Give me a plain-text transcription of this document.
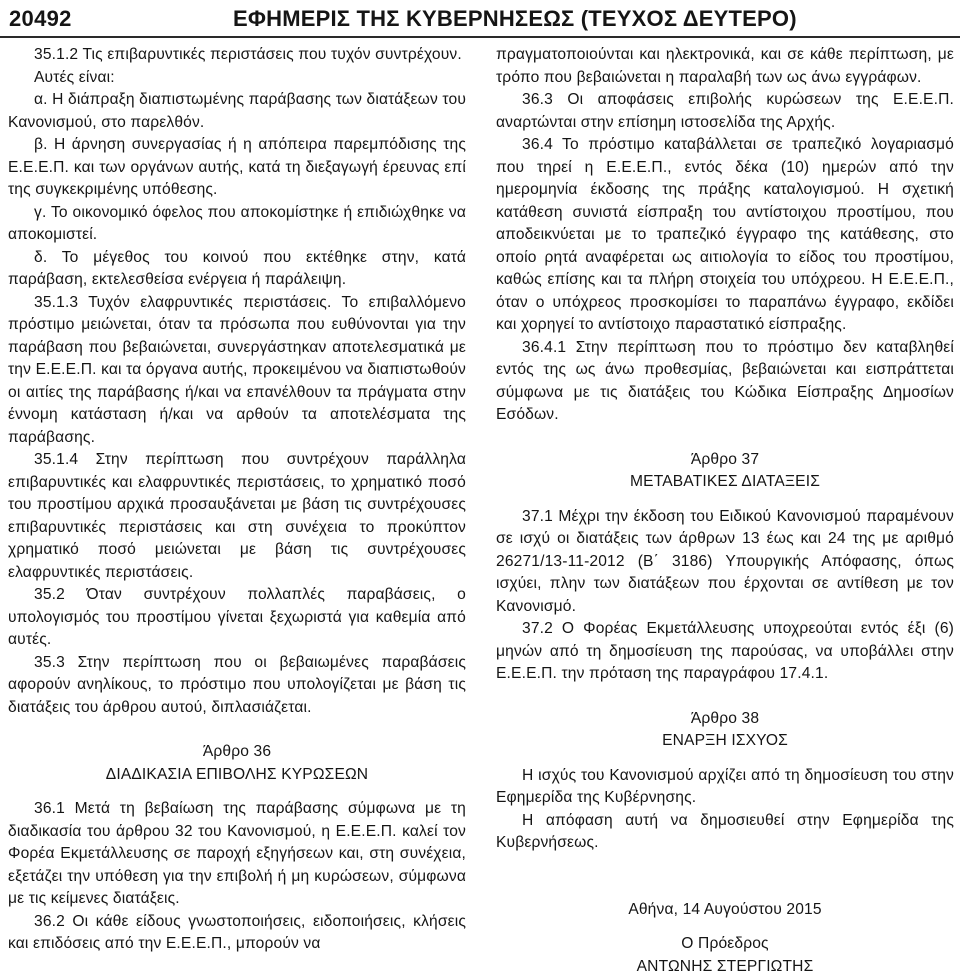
20492	ΕΦΗΜΕΡΙΣ ΤΗΣ ΚΥΒΕΡΝΗΣΕΩΣ (ΤΕΥΧΟΣ ΔΕΥΤΕΡΟ)

35.1.2 Τις επιβαρυντικές περιστάσεις που τυχόν συντρέχουν.

Αυτές είναι:

α. Η διάπραξη διαπιστωμένης παράβασης των διατάξεων του Κανονισμού, στο παρελθόν.

β. Η άρνηση συνεργασίας ή η απόπειρα παρεμπόδισης της Ε.Ε.Ε.Π. και των οργάνων αυτής, κατά τη διεξαγωγή έρευνας επί της συγκεκριμένης υπόθεσης.

γ. Το οικονομικό όφελος που αποκομίστηκε ή επιδιώχθηκε να αποκομιστεί.

δ. Το μέγεθος του κοινού που εκτέθηκε στην, κατά παράβαση, εκτελεσθείσα ενέργεια ή παράλειψη.

35.1.3 Τυχόν ελαφρυντικές περιστάσεις. Το επιβαλλόμενο πρόστιμο μειώνεται, όταν τα πρόσωπα που ευθύνονται για την παράβαση που βεβαιώνεται, συνεργάστηκαν αποτελεσματικά με την Ε.Ε.Ε.Π. και τα όργανα αυτής, προκειμένου να διαπιστωθούν οι αιτίες της παράβασης ή/και να επανέλθουν τα πράγματα στην έννομη κατάσταση ή/και να αρθούν τα αποτελέσματα της παράβασης.

35.1.4 Στην περίπτωση που συντρέχουν παράλληλα επιβαρυντικές και ελαφρυντικές περιστάσεις, το χρηματικό ποσό του προστίμου αρχικά προσαυξάνεται με βάση τις συντρέχουσες επιβαρυντικές περιστάσεις και στη συνέχεια το προκύπτον χρηματικό ποσό μειώνεται με βάση τις συντρέχουσες ελαφρυντικές περιστάσεις.

35.2 Όταν συντρέχουν πολλαπλές παραβάσεις, ο υπολογισμός του προστίμου γίνεται ξεχωριστά για καθεμία από αυτές.

35.3 Στην περίπτωση που οι βεβαιωμένες παραβάσεις αφορούν ανηλίκους, το πρόστιμο που υπολογίζεται με βάση τις διατάξεις του άρθρου αυτού, διπλασιάζεται.

Άρθρο 36

ΔΙΑΔΙΚΑΣΙΑ ΕΠΙΒΟΛΗΣ ΚΥΡΩΣΕΩΝ

36.1 Μετά τη βεβαίωση της παράβασης σύμφωνα με τη διαδικασία του άρθρου 32 του Κανονισμού, η Ε.Ε.Ε.Π. καλεί τον Φορέα Εκμετάλλευσης σε παροχή εξηγήσεων και, στη συνέχεια, εξετάζει την υπόθεση για την επιβολή ή μη κυρώσεων, σύμφωνα με τις κείμενες διατάξεις.

36.2 Οι κάθε είδους γνωστοποιήσεις, ειδοποιήσεις, κλήσεις και επιδόσεις από την Ε.Ε.Ε.Π., μπορούν να

πραγματοποιούνται και ηλεκτρονικά, και σε κάθε περίπτωση, με τρόπο που βεβαιώνεται η παραλαβή των ως άνω εγγράφων.

36.3 Οι αποφάσεις επιβολής κυρώσεων της Ε.Ε.Ε.Π. αναρτώνται στην επίσημη ιστοσελίδα της Αρχής.

36.4 Το πρόστιμο καταβάλλεται σε τραπεζικό λογαριασμό που τηρεί η Ε.Ε.Ε.Π., εντός δέκα (10) ημερών από την ημερομηνία έκδοσης της πράξης καταλογισμού. Η σχετική κατάθεση συνιστά είσπραξη του αντίστοιχου προστίμου, που αποδεικνύεται με το τραπεζικό έγγραφο της κατάθεσης, στο οποίο ρητά αναφέρεται ως αιτιολογία το είδος του προστίμου, καθώς επίσης και τα πλήρη στοιχεία του υπόχρεου. Η Ε.Ε.Ε.Π., όταν ο υπόχρεος προσκομίσει το παραπάνω έγγραφο, εκδίδει και χορηγεί το αντίστοιχο παραστατικό είσπραξης.

36.4.1 Στην περίπτωση που το πρόστιμο δεν καταβληθεί εντός της ως άνω προθεσμίας, βεβαιώνεται και εισπράττεται σύμφωνα με τις διατάξεις του Κώδικα Είσπραξης Δημοσίων Εσόδων.

Άρθρο 37

ΜΕΤΑΒΑΤΙΚΕΣ ΔΙΑΤΑΞΕΙΣ

37.1 Μέχρι την έκδοση του Ειδικού Κανονισμού παραμένουν σε ισχύ οι διατάξεις των άρθρων 13 έως και 24 της με αριθμό 26271/13-11-2012 (Β΄ 3186) Υπουργικής Απόφασης, όπως ισχύει, πλην των διατάξεων που έρχονται σε αντίθεση με τον Κανονισμό.

37.2 Ο Φορέας Εκμετάλλευσης υποχρεούται εντός έξι (6) μηνών από τη δημοσίευση της παρούσας, να υποβάλλει στην Ε.Ε.Ε.Π. την πρόταση της παραγράφου 17.4.1.

Άρθρο 38

ΕΝΑΡΞΗ ΙΣΧΥΟΣ

Η ισχύς του Κανονισμού αρχίζει από τη δημοσίευση του στην Εφημερίδα της Κυβέρνησης.

Η απόφαση αυτή να δημοσιευθεί στην Εφημερίδα της Κυβερνήσεως.

Αθήνα, 14 Αυγούστου 2015

Ο Πρόεδρος

ΑΝΤΩΝΗΣ ΣΤΕΡΓΙΩΤΗΣ
